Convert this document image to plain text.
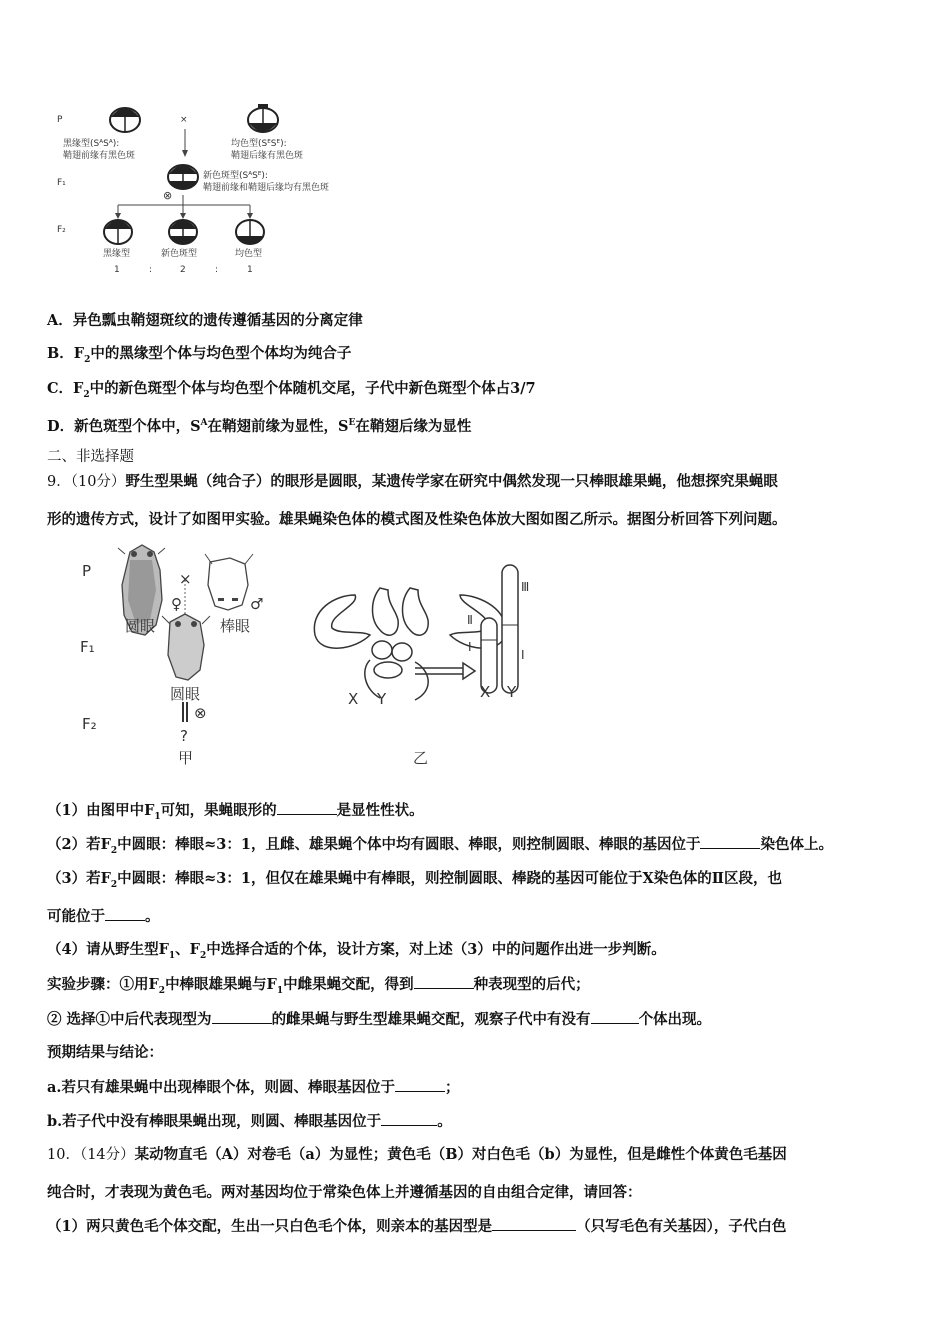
P	×
黑缘型(SᴬSᴬ):
鞘翅前缘有黑色斑
均色型(SᴱSᴱ):
鞘翅后缘有黑色斑
F₁
新色斑型(SᴬSᴱ):
鞘翅前缘和鞘翅后缘均有黑色斑
⊗
F₂
黑缘型	新色斑型	均色型
1	:	2	:	1
A．异色瓢虫鞘翅斑纹的遗传遵循基因的分离定律
B．$F_2$中的黑缘型个体与均色型个体均为纯合子
C．$F_2$中的新色斑型个体与均色型个体随机交尾，子代中新色斑型个体占3/7
D．新色斑型个体中，$S^A$在鞘翅前缘为显性，$S^E$在鞘翅后缘为显性
二、非选择题
9．（10分）野生型果蝇（纯合子）的眼形是圆眼，某遗传学家在研究中偶然发现一只棒眼雄果蝇，他想探究果蝇眼
形的遗传方式，设计了如图甲实验。雄果蝇染色体的模式图及性染色体放大图如图乙所示。据图分析回答下列问题。
P	×
♀	♂
圆眼	棒眼
F₁
圆眼
⊗
F₂
?
甲	乙
X Y	X Y
Ⅱ
Ⅰ
Ⅲ
Ⅰ
（1）由图甲中$F_1$可知，果蝇眼形的	是显性性状。
（2）若$F_2$中圆眼：棒眼≈3：1，且雌、雄果蝇个体中均有圆眼、棒眼，则控制圆眼、棒眼的基因位于	染色体上。
（3）若$F_2$中圆眼：棒眼≈3：1，但仅在雄果蝇中有棒眼，则控制圆眼、棒跷的基因可能位于X染色体的Ⅱ区段，也
可能位于	。
（4）请从野生型$F_1$、$F_2$中选择合适的个体，设计方案，对上述（3）中的问题作出进一步判断。
实验步骤：①用$F_2$中棒眼雄果蝇与$F_1$中雌果蝇交配，得到	种表现型的后代；
② 选择①中后代表现型为	的雌果蝇与野生型雄果蝇交配，观察子代中有没有	个体出现。
预期结果与结论：
a.若只有雄果蝇中出现棒眼个体，则圆、棒眼基因位于	；
b.若子代中没有棒眼果蝇出现，则圆、棒眼基因位于	。
10．（14分）某动物直毛（A）对卷毛（a）为显性；黄色毛（B）对白色毛（b）为显性，但是雌性个体黄色毛基因
纯合时，才表现为黄色毛。两对基因均位于常染色体上并遵循基因的自由组合定律，请回答：
（1）两只黄色毛个体交配，生出一只白色毛个体，则亲本的基因型是	（只写毛色有关基因），子代白色
